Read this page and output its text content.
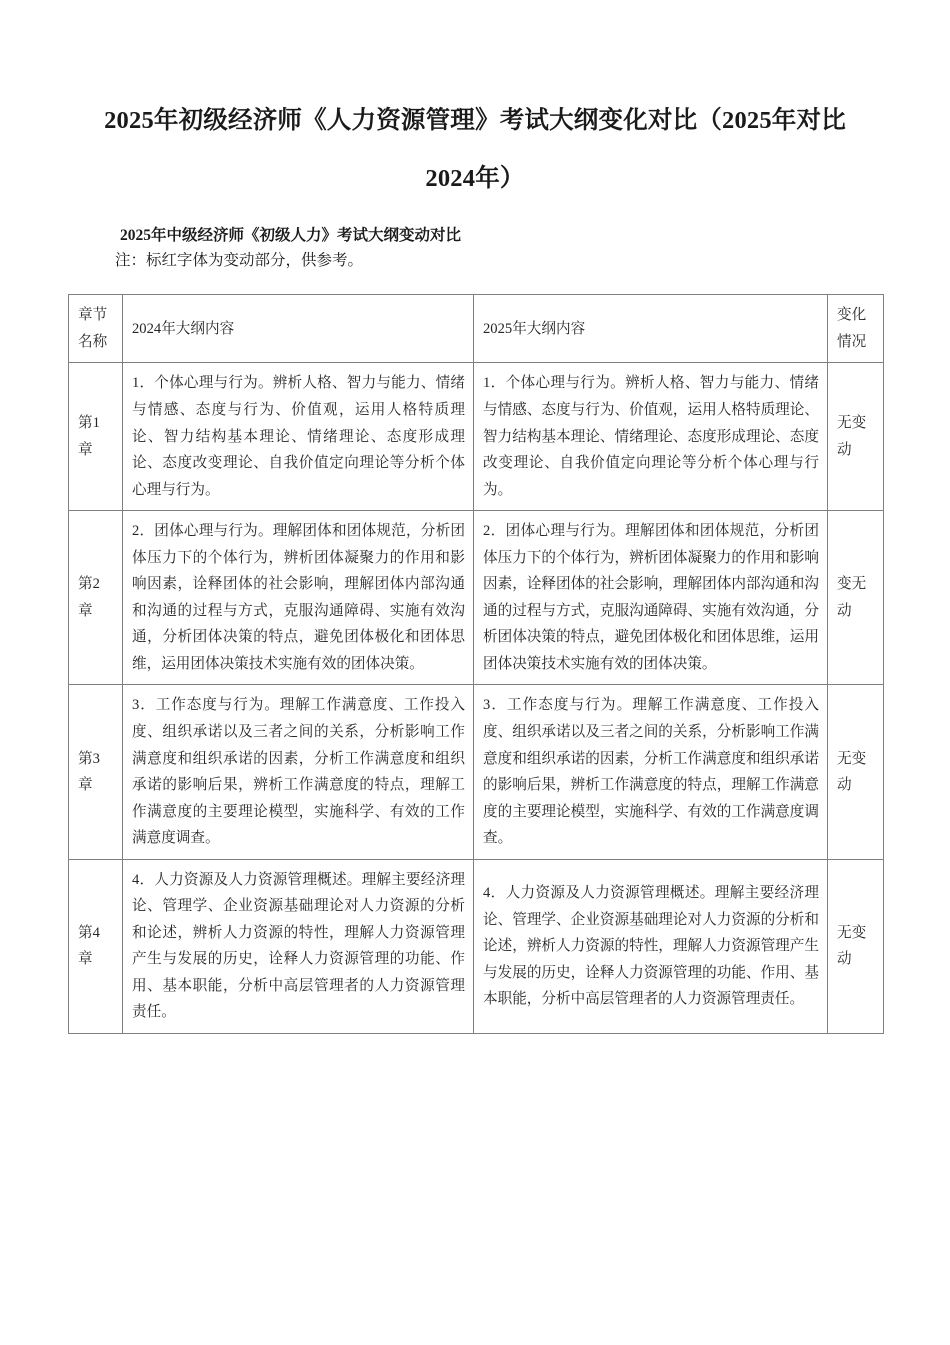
2025年初级经济师《人力资源管理》考试大纲变化对比（2025年对比2024年）

2025年中级经济师《初级人力》考试大纲变动对比

注：标红字体为变动部分，供参考。

章节名称	2024年大纲内容	2025年大纲内容	变化情况
第1章	1．个体心理与行为。辨析人格、智力与能力、情绪与情感、态度与行为、价值观，运用人格特质理论、智力结构基本理论、情绪理论、态度形成理论、态度改变理论、自我价值定向理论等分析个体心理与行为。	1．个体心理与行为。辨析人格、智力与能力、情绪与情感、态度与行为、价值观，运用人格特质理论、智力结构基本理论、情绪理论、态度形成理论、态度改变理论、自我价值定向理论等分析个体心理与行为。	无变动
第2章	2．团体心理与行为。理解团体和团体规范，分析团体压力下的个体行为，辨析团体凝聚力的作用和影响因素，诠释团体的社会影响，理解团体内部沟通和沟通的过程与方式，克服沟通障碍、实施有效沟通，分析团体决策的特点，避免团体极化和团体思维，运用团体决策技术实施有效的团体决策。	2．团体心理与行为。理解团体和团体规范，分析团体压力下的个体行为，辨析团体凝聚力的作用和影响因素，诠释团体的社会影响，理解团体内部沟通和沟通的过程与方式，克服沟通障碍、实施有效沟通，分析团体决策的特点，避免团体极化和团体思维，运用团体决策技术实施有效的团体决策。	变无动
第3章	3．工作态度与行为。理解工作满意度、工作投入度、组织承诺以及三者之间的关系，分析影响工作满意度和组织承诺的因素，分析工作满意度和组织承诺的影响后果，辨析工作满意度的特点，理解工作满意度的主要理论模型，实施科学、有效的工作满意度调查。	3．工作态度与行为。理解工作满意度、工作投入度、组织承诺以及三者之间的关系，分析影响工作满意度和组织承诺的因素，分析工作满意度和组织承诺的影响后果，辨析工作满意度的特点，理解工作满意度的主要理论模型，实施科学、有效的工作满意度调查。	无变动
第4章	4．人力资源及人力资源管理概述。理解主要经济理论、管理学、企业资源基础理论对人力资源的分析和论述，辨析人力资源的特性，理解人力资源管理产生与发展的历史，诠释人力资源管理的功能、作用、基本职能，分析中高层管理者的人力资源管理责任。	4．人力资源及人力资源管理概述。理解主要经济理论、管理学、企业资源基础理论对人力资源的分析和论述，辨析人力资源的特性，理解人力资源管理产生与发展的历史，诠释人力资源管理的功能、作用、基本职能，分析中高层管理者的人力资源管理责任。	无变动
